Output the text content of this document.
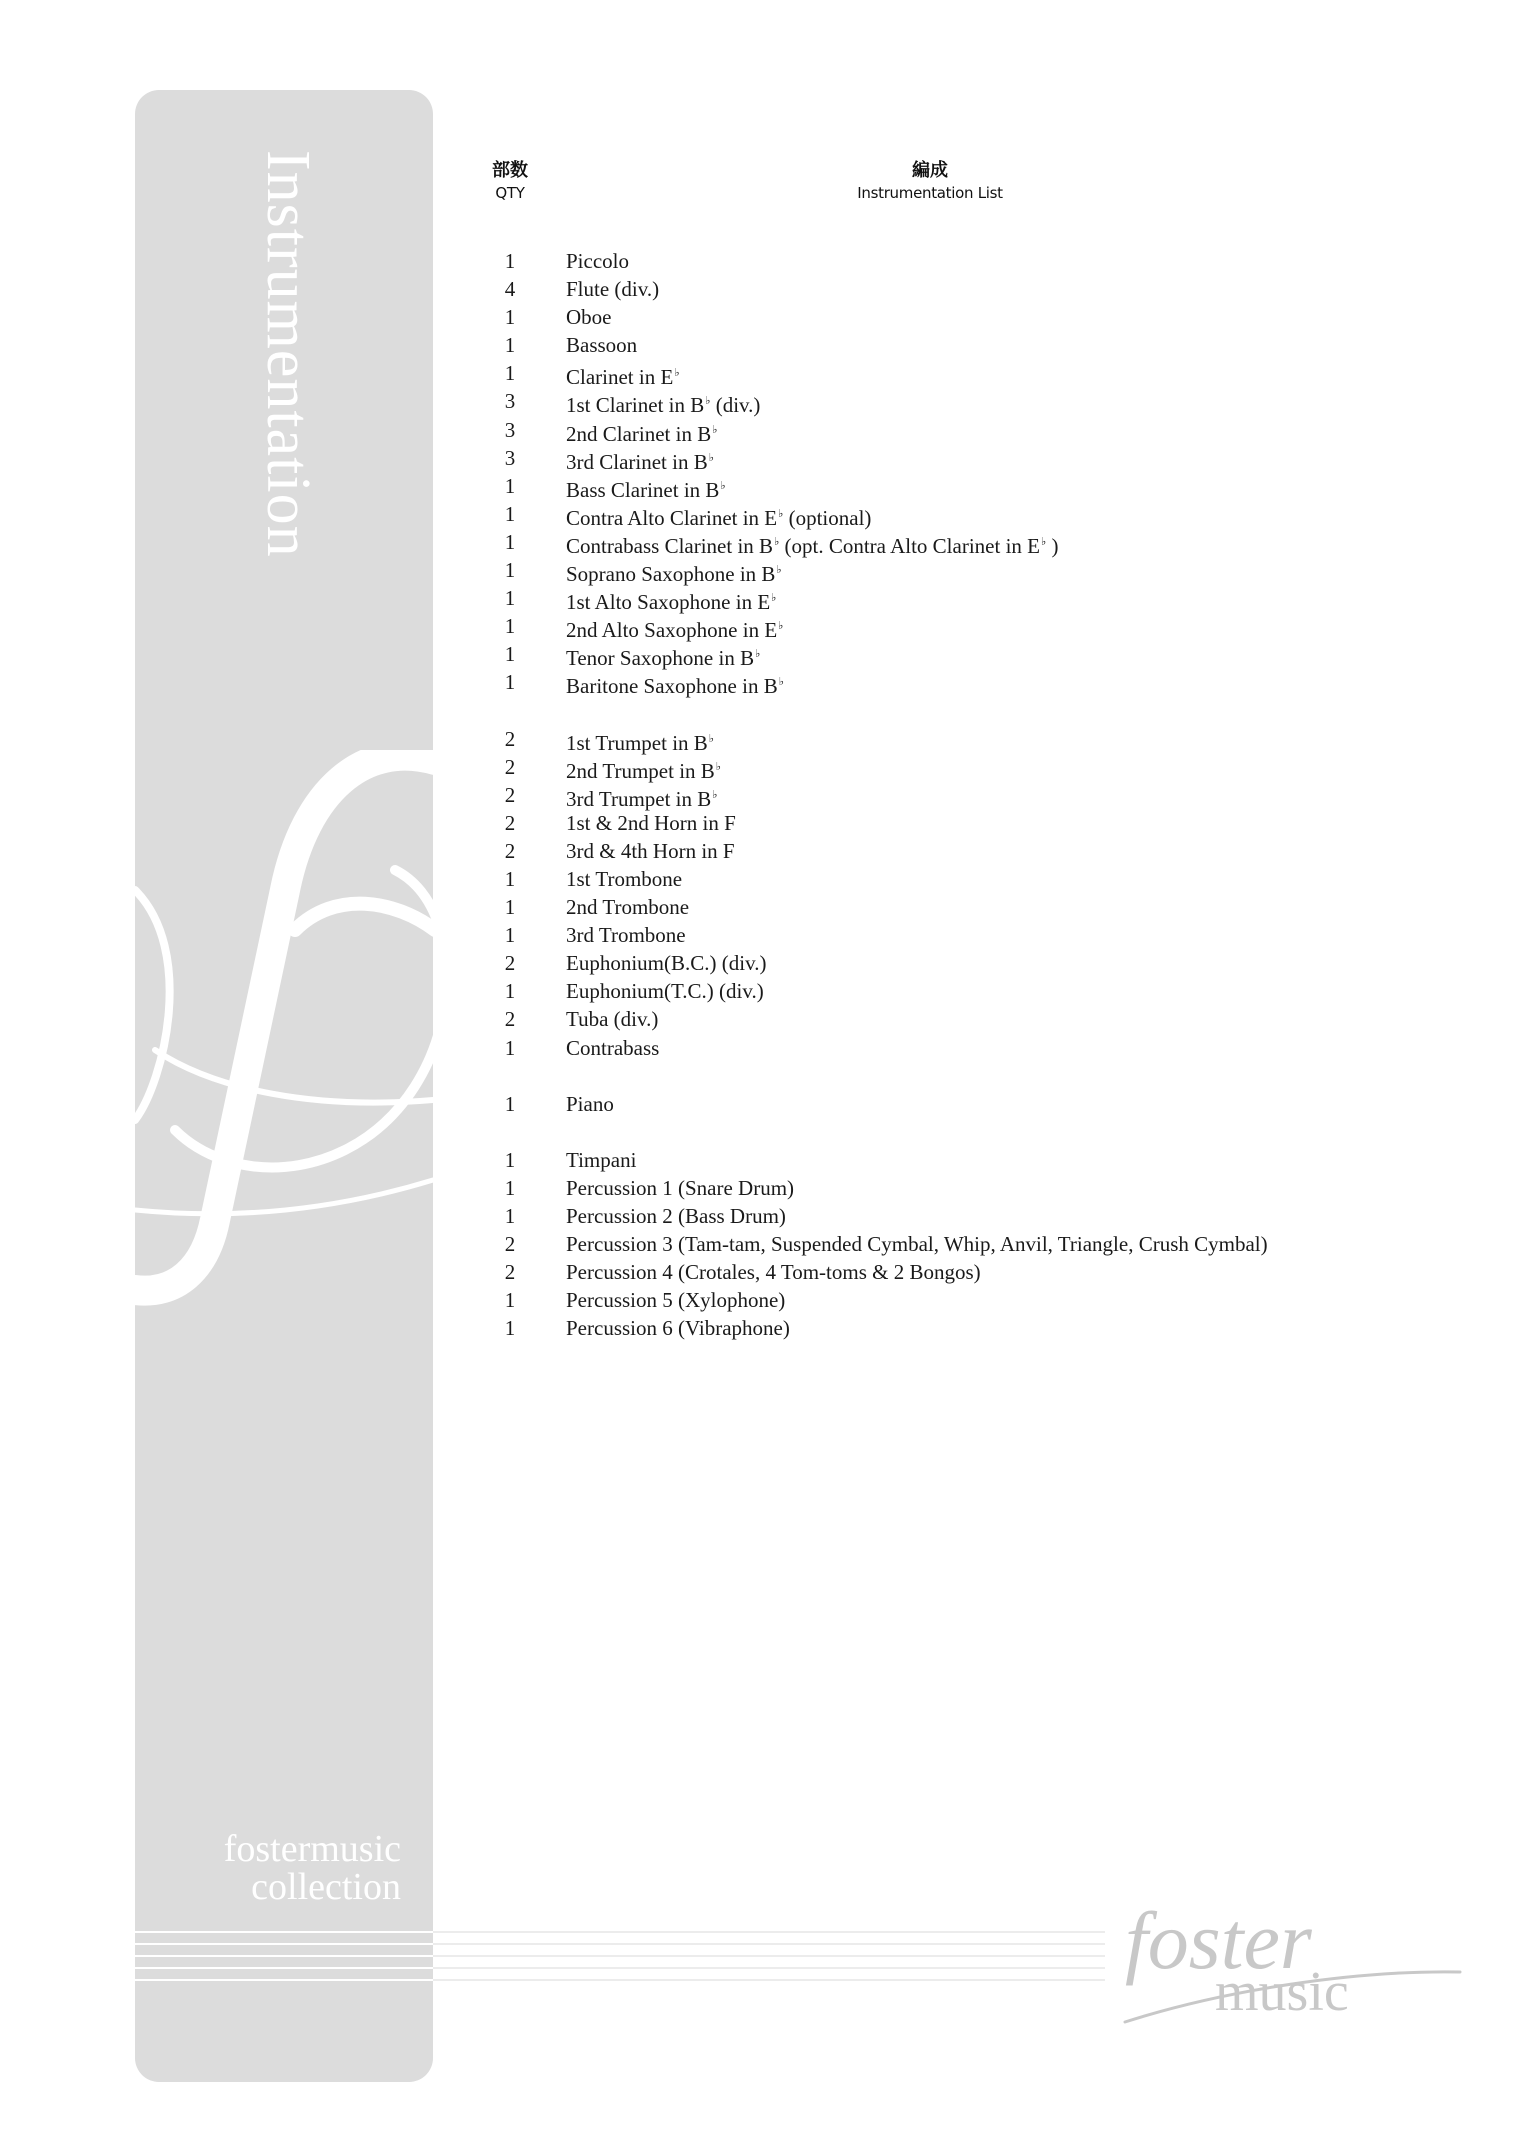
Instrumentation

fostermusic
collection

部数
QTY
編成
Instrumentation List
1	Piccolo
4	Flute (div.)
1	Oboe
1	Bassoon
1	Clarinet in E♭
3	1st Clarinet in B♭ (div.)
3	2nd Clarinet in B♭
3	3rd Clarinet in B♭
1	Bass Clarinet in B♭
1	Contra Alto Clarinet in E♭ (optional)
1	Contrabass Clarinet in B♭ (opt. Contra Alto Clarinet in E♭ )
1	Soprano Saxophone in B♭
1	1st Alto Saxophone in E♭
1	2nd Alto Saxophone in E♭
1	Tenor Saxophone in B♭
1	Baritone Saxophone in B♭
2	1st Trumpet in B♭
2	2nd Trumpet in B♭
2	3rd Trumpet in B♭
2	1st & 2nd Horn in F
2	3rd & 4th Horn in F
1	1st Trombone
1	2nd Trombone
1	3rd Trombone
2	Euphonium(B.C.) (div.)
1	Euphonium(T.C.) (div.)
2	Tuba (div.)
1	Contrabass
1	Piano
1	Timpani
1	Percussion 1 (Snare Drum)
1	Percussion 2 (Bass Drum)
2	Percussion 3 (Tam-tam, Suspended Cymbal, Whip, Anvil, Triangle, Crush Cymbal)
2	Percussion 4 (Crotales, 4 Tom-toms & 2 Bongos)
1	Percussion 5 (Xylophone)
1	Percussion 6 (Vibraphone)
foster
music
